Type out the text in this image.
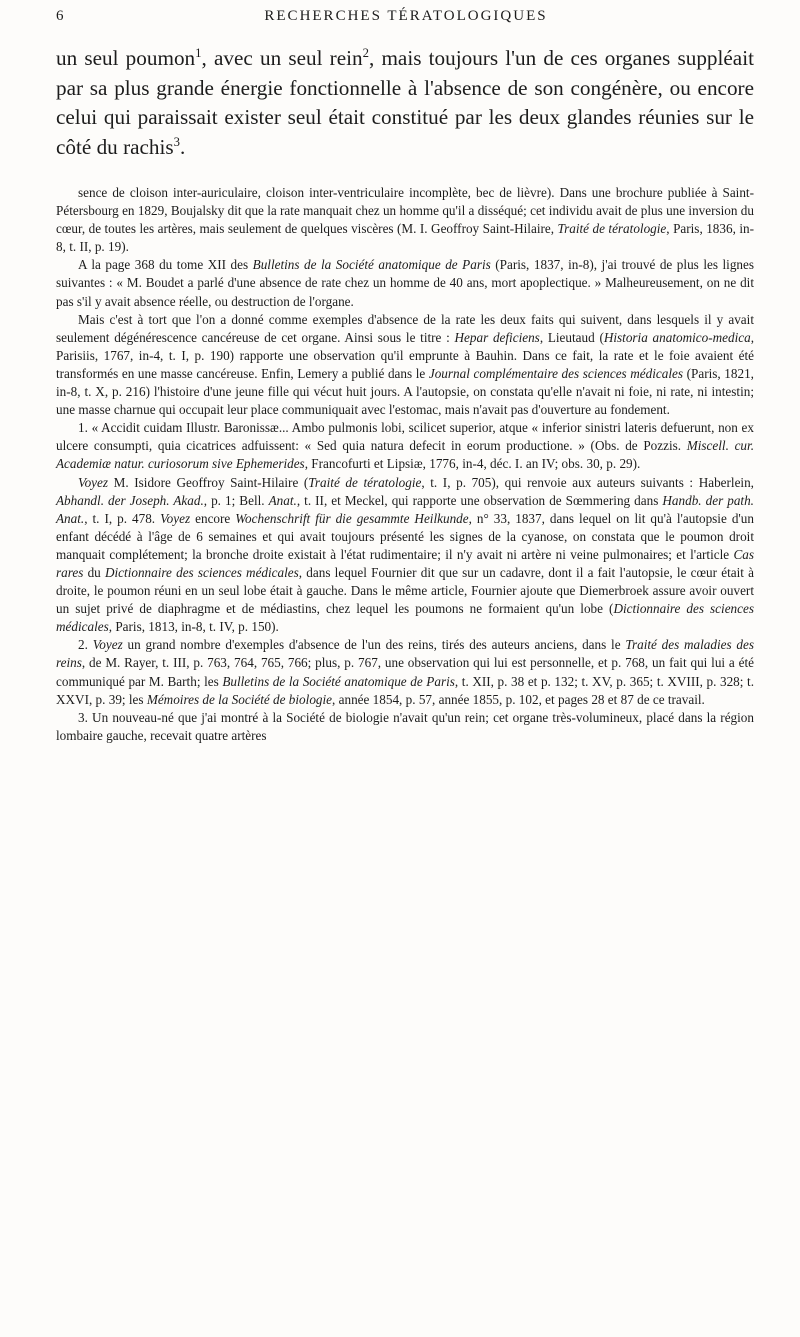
6	RECHERCHES TÉRATOLOGIQUES

un seul poumon$^1$, avec un seul rein$^2$, mais toujours l'un de ces organes suppléait par sa plus grande énergie fonctionnelle à l'absence de son congénère, ou encore celui qui paraissait exister seul était constitué par les deux glandes réunies sur le côté du rachis$^3$.

sence de cloison inter-auriculaire, cloison inter-ventriculaire incomplète, bec de lièvre). Dans une brochure publiée à Saint-Pétersbourg en 1829, Boujalsky dit que la rate manquait chez un homme qu'il a disséqué; cet individu avait de plus une inversion du cœur, de toutes les artères, mais seulement de quelques viscères (M. I. Geoffroy Saint-Hilaire, Traité de tératologie, Paris, 1836, in-8, t. II, p. 19).

A la page 368 du tome XII des Bulletins de la Société anatomique de Paris (Paris, 1837, in-8), j'ai trouvé de plus les lignes suivantes : « M. Boudet a parlé d'une absence de rate chez un homme de 40 ans, mort apoplectique. » Malheureusement, on ne dit pas s'il y avait absence réelle, ou destruction de l'organe.

Mais c'est à tort que l'on a donné comme exemples d'absence de la rate les deux faits qui suivent, dans lesquels il y avait seulement dégénérescence cancéreuse de cet organe. Ainsi sous le titre : Hepar deficiens, Lieutaud (Historia anatomico-medica, Parisiis, 1767, in-4, t. I, p. 190) rapporte une observation qu'il emprunte à Bauhin. Dans ce fait, la rate et le foie avaient été transformés en une masse cancéreuse. Enfin, Lemery a publié dans le Journal complémentaire des sciences médicales (Paris, 1821, in-8, t. X, p. 216) l'histoire d'une jeune fille qui vécut huit jours. A l'autopsie, on constata qu'elle n'avait ni foie, ni rate, ni intestin; une masse charnue qui occupait leur place communiquait avec l'estomac, mais n'avait pas d'ouverture au fondement.

1. « Accidit cuidam Illustr. Baronissæ... Ambo pulmonis lobi, scilicet superior, atque « inferior sinistri lateris defuerunt, non ex ulcere consumpti, quia cicatrices adfuissent: « Sed quia natura defecit in eorum productione. » (Obs. de Pozzis. Miscell. cur. Academiæ natur. curiosorum sive Ephemerides, Francofurti et Lipsiæ, 1776, in-4, déc. I. an IV; obs. 30, p. 29).

Voyez M. Isidore Geoffroy Saint-Hilaire (Traité de tératologie, t. I, p. 705), qui renvoie aux auteurs suivants : Haberlein, Abhandl. der Joseph. Akad., p. 1; Bell. Anat., t. II, et Meckel, qui rapporte une observation de Sœmmering dans Handb. der path. Anat., t. I, p. 478. Voyez encore Wochenschrift für die gesammte Heilkunde, n° 33, 1837, dans lequel on lit qu'à l'autopsie d'un enfant décédé à l'âge de 6 semaines et qui avait toujours présenté les signes de la cyanose, on constata que le poumon droit manquait complétement; la bronche droite existait à l'état rudimentaire; il n'y avait ni artère ni veine pulmonaires; et l'article Cas rares du Dictionnaire des sciences médicales, dans lequel Fournier dit que sur un cadavre, dont il a fait l'autopsie, le cœur était à droite, le poumon réuni en un seul lobe était à gauche. Dans le même article, Fournier ajoute que Diemerbroek assure avoir ouvert un sujet privé de diaphragme et de médiastins, chez lequel les poumons ne formaient qu'un lobe (Dictionnaire des sciences médicales, Paris, 1813, in-8, t. IV, p. 150).

2. Voyez un grand nombre d'exemples d'absence de l'un des reins, tirés des auteurs anciens, dans le Traité des maladies des reins, de M. Rayer, t. III, p. 763, 764, 765, 766; plus, p. 767, une observation qui lui est personnelle, et p. 768, un fait qui lui a été communiqué par M. Barth; les Bulletins de la Société anatomique de Paris, t. XII, p. 38 et p. 132; t. XV, p. 365; t. XVIII, p. 328; t. XXVI, p. 39; les Mémoires de la Société de biologie, année 1854, p. 57, année 1855, p. 102, et pages 28 et 87 de ce travail.

3. Un nouveau-né que j'ai montré à la Société de biologie n'avait qu'un rein; cet organe très-volumineux, placé dans la région lombaire gauche, recevait quatre artères
